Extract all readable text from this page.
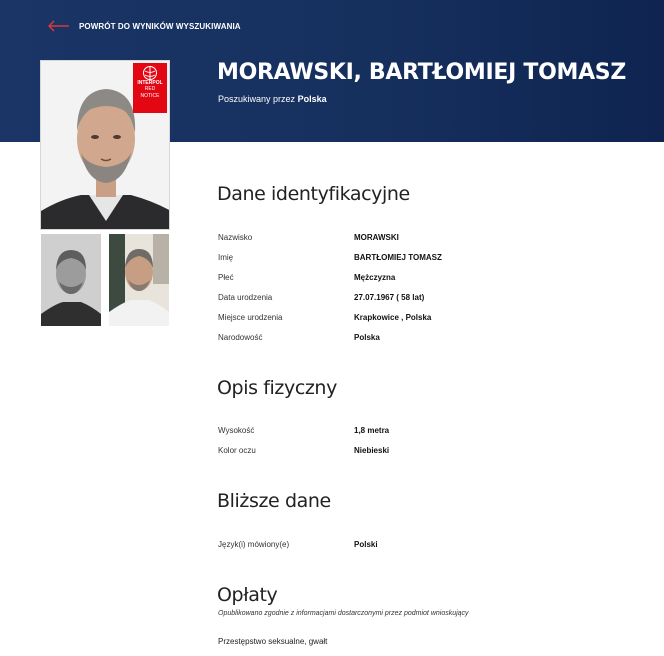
POWRÓT DO WYNIKÓW WYSZUKIWANIA
MORAWSKI, BARTŁOMIEJ TOMASZ
Poszukiwany przez Polska
INTERPOL
RED
NOTICE
Dane identyfikacyjne
Nazwisko	MORAWSKI
Imię	BARTŁOMIEJ TOMASZ
Płeć	Mężczyzna
Data urodzenia	27.07.1967 ( 58 lat)
Miejsce urodzenia	Krapkowice , Polska
Narodowość	Polska
Opis fizyczny
Wysokość	1,8 metra
Kolor oczu	Niebieski
Bliższe dane
Język(i) mówiony(e)	Polski
Opłaty
Opublikowano zgodnie z informacjami dostarczonymi przez podmiot wnioskujący
Przestępstwo seksualne, gwałt
